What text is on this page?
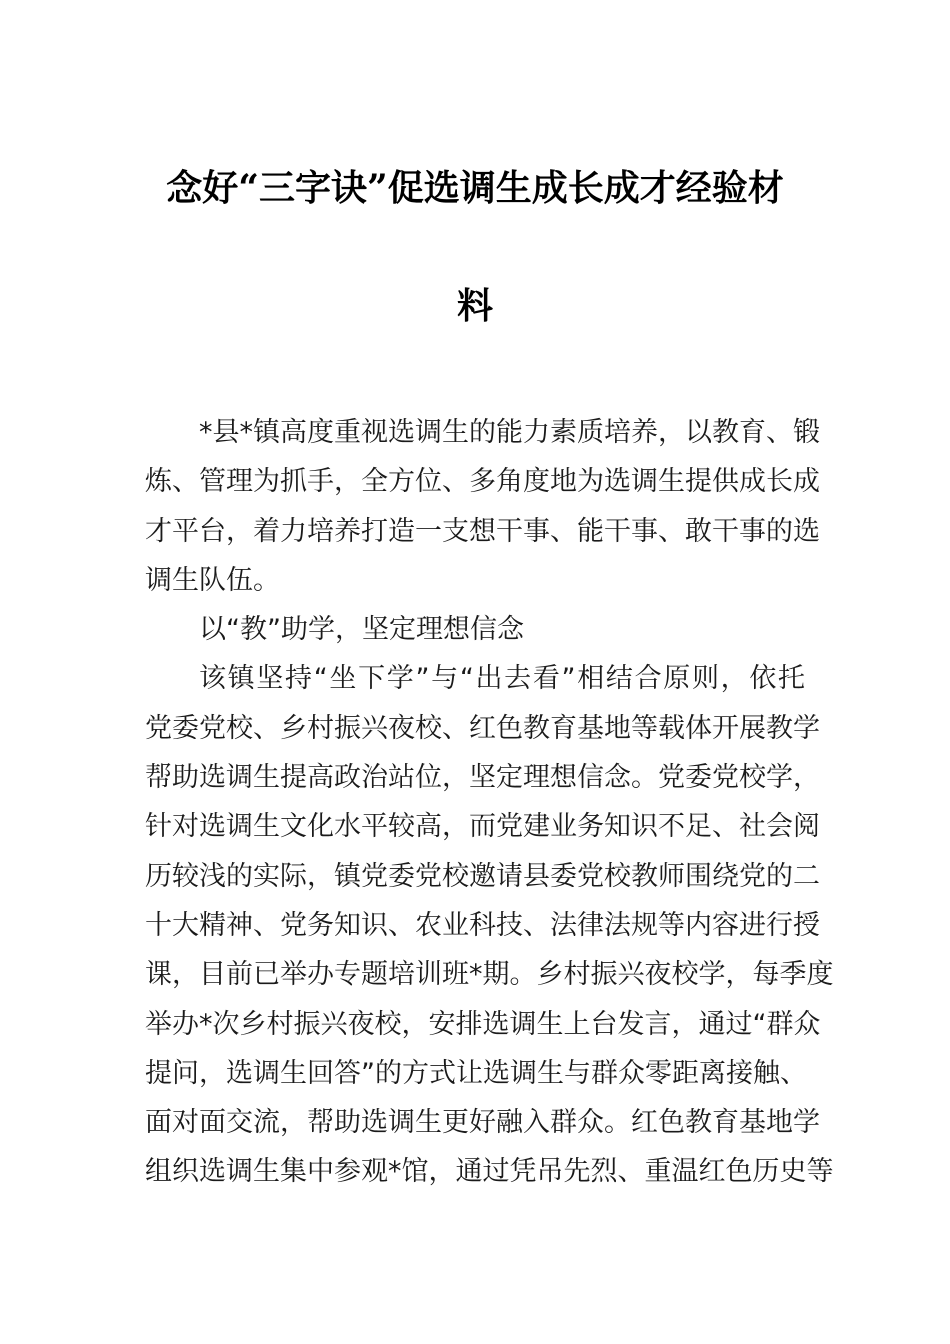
念好“三字诀”促选调生成长成才经验材
料
*县*镇高度重视选调生的能力素质培养，以教育、锻
炼、管理为抓手，全方位、多角度地为选调生提供成长成
才平台，着力培养打造一支想干事、能干事、敢干事的选
调生队伍。
以“教”助学，坚定理想信念
该镇坚持“坐下学”与“出去看”相结合原则，依托
党委党校、乡村振兴夜校、红色教育基地等载体开展教学
帮助选调生提高政治站位，坚定理想信念。党委党校学，
针对选调生文化水平较高，而党建业务知识不足、社会阅
历较浅的实际，镇党委党校邀请县委党校教师围绕党的二
十大精神、党务知识、农业科技、法律法规等内容进行授
课，目前已举办专题培训班*期。乡村振兴夜校学，每季度
举办*次乡村振兴夜校，安排选调生上台发言，通过“群众
提问，选调生回答”的方式让选调生与群众零距离接触、
面对面交流，帮助选调生更好融入群众。红色教育基地学
组织选调生集中参观*馆，通过凭吊先烈、重温红色历史等
